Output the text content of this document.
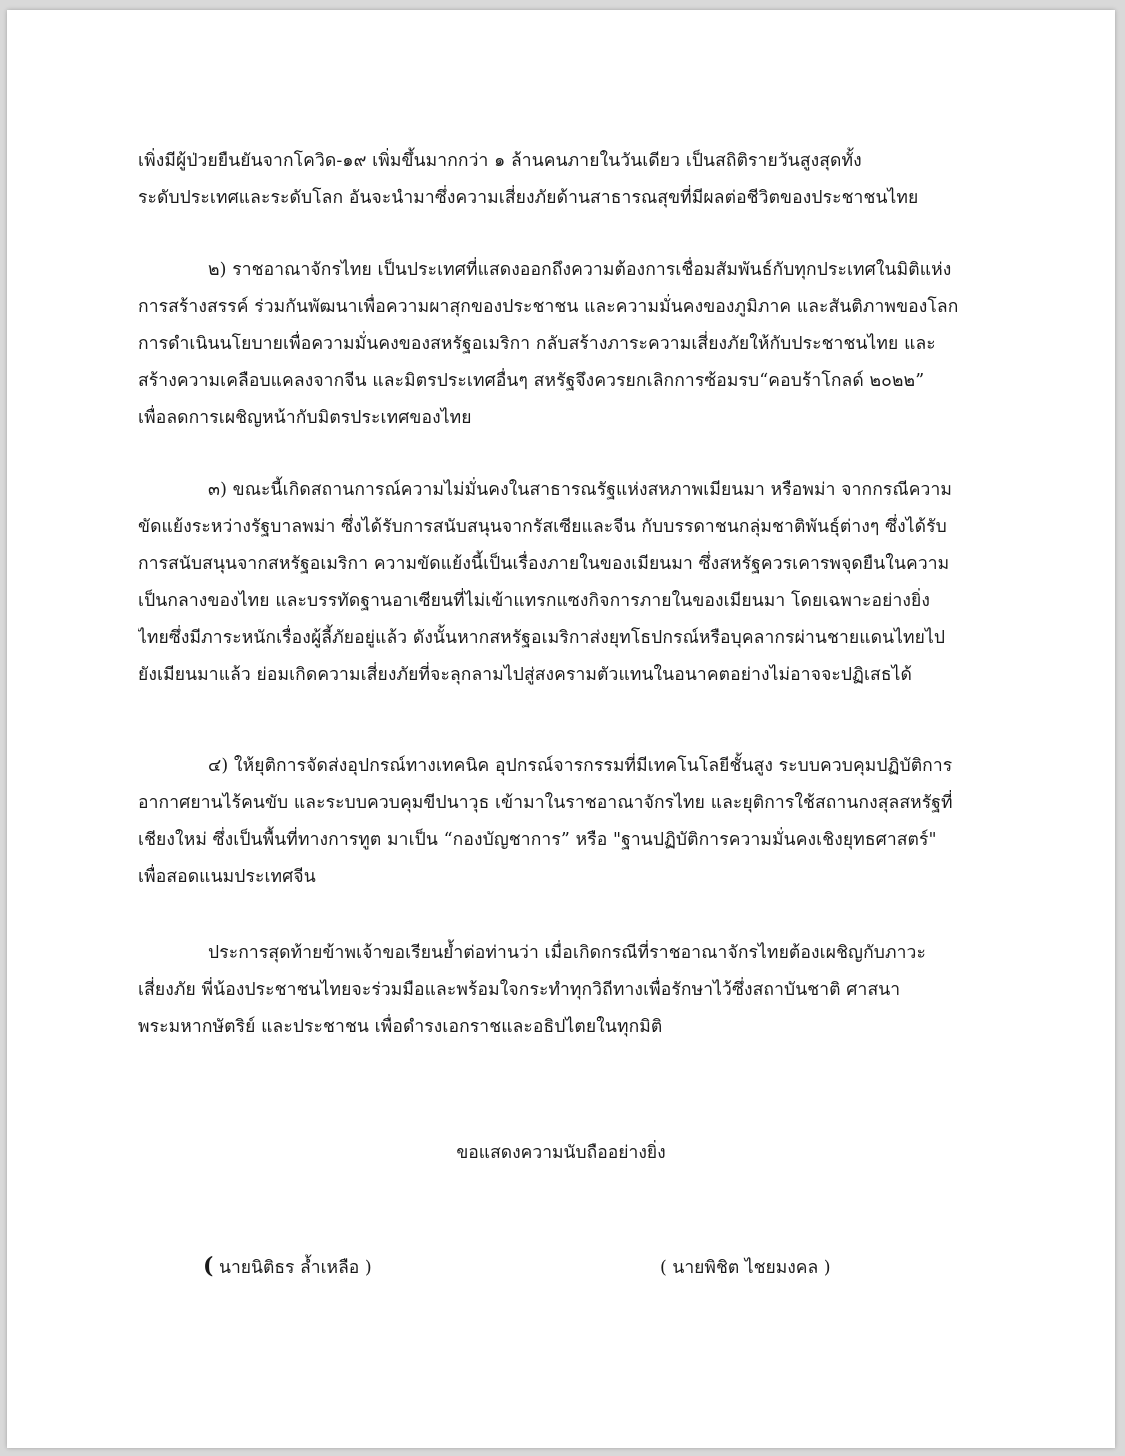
เพิ่งมีผู้ป่วยยืนยันจากโควิด-๑๙ เพิ่มขึ้นมากกว่า ๑ ล้านคนภายในวันเดียว เป็นสถิติรายวันสูงสุดทั้ง
ระดับประเทศและระดับโลก อันจะนำมาซึ่งความเสี่ยงภัยด้านสาธารณสุขที่มีผลต่อชีวิตของประชาชนไทย
๒) ราชอาณาจักรไทย เป็นประเทศที่แสดงออกถึงความต้องการเชื่อมสัมพันธ์กับทุกประเทศในมิติแห่ง
การสร้างสรรค์ ร่วมกันพัฒนาเพื่อความผาสุกของประชาชน และความมั่นคงของภูมิภาค และสันติภาพของโลก
การดำเนินนโยบายเพื่อความมั่นคงของสหรัฐอเมริกา กลับสร้างภาระความเสี่ยงภัยให้กับประชาชนไทย และ
สร้างความเคลือบแคลงจากจีน และมิตรประเทศอื่นๆ สหรัฐจึงควรยกเลิกการซ้อมรบ“คอบร้าโกลด์ ๒๐๒๒”
เพื่อลดการเผชิญหน้ากับมิตรประเทศของไทย
๓) ขณะนี้เกิดสถานการณ์ความไม่มั่นคงในสาธารณรัฐแห่งสหภาพเมียนมา หรือพม่า จากกรณีความ
ขัดแย้งระหว่างรัฐบาลพม่า ซึ่งได้รับการสนับสนุนจากรัสเซียและจีน กับบรรดาชนกลุ่มชาติพันธุ์ต่างๆ ซึ่งได้รับ
การสนับสนุนจากสหรัฐอเมริกา ความขัดแย้งนี้เป็นเรื่องภายในของเมียนมา ซึ่งสหรัฐควรเคารพจุดยืนในความ
เป็นกลางของไทย และบรรทัดฐานอาเซียนที่ไม่เข้าแทรกแซงกิจการภายในของเมียนมา โดยเฉพาะอย่างยิ่ง
ไทยซึ่งมีภาระหนักเรื่องผู้ลี้ภัยอยู่แล้ว ดังนั้นหากสหรัฐอเมริกาส่งยุทโธปกรณ์หรือบุคลากรผ่านชายแดนไทยไป
ยังเมียนมาแล้ว ย่อมเกิดความเสี่ยงภัยที่จะลุกลามไปสู่สงครามตัวแทนในอนาคตอย่างไม่อาจจะปฏิเสธได้
๔) ให้ยุติการจัดส่งอุปกรณ์ทางเทคนิค อุปกรณ์จารกรรมที่มีเทคโนโลยีชั้นสูง ระบบควบคุมปฏิบัติการ
อากาศยานไร้คนขับ และระบบควบคุมขีปนาวุธ เข้ามาในราชอาณาจักรไทย และยุติการใช้สถานกงสุลสหรัฐที่
เชียงใหม่ ซึ่งเป็นพื้นที่ทางการทูต มาเป็น “กองบัญชาการ” หรือ "ฐานปฏิบัติการความมั่นคงเชิงยุทธศาสตร์"
เพื่อสอดแนมประเทศจีน
ประการสุดท้ายข้าพเจ้าขอเรียนย้ำต่อท่านว่า เมื่อเกิดกรณีที่ราชอาณาจักรไทยต้องเผชิญกับภาวะ
เสี่ยงภัย พี่น้องประชาชนไทยจะร่วมมือและพร้อมใจกระทำทุกวิถีทางเพื่อรักษาไว้ซึ่งสถาบันชาติ ศาสนา
พระมหากษัตริย์ และประชาชน เพื่อดำรงเอกราชและอธิปไตยในทุกมิติ
ขอแสดงความนับถืออย่างยิ่ง
( นายนิติธร ล้ำเหลือ )	( นายพิชิต ไชยมงคล )
